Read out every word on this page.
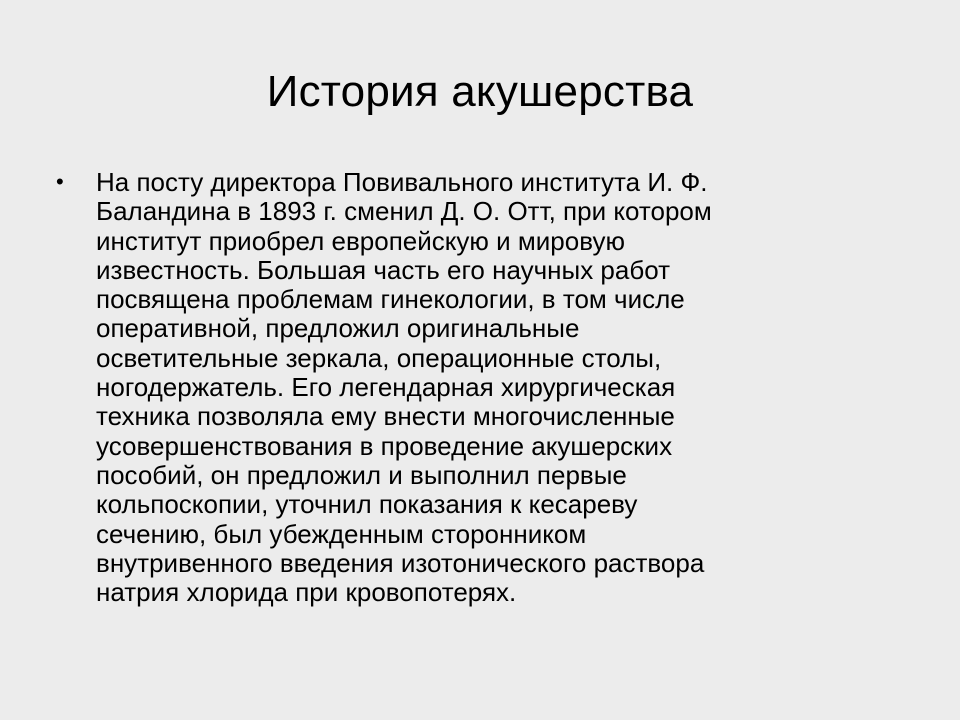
История акушерства
• На посту директора Повивального института И. Ф.
Баландина в 1893 г. сменил Д. О. Отт, при котором
институт приобрел европейскую и мировую
известность. Большая часть его научных работ
посвящена проблемам гинекологии, в том числе
оперативной, предложил оригинальные
осветительные зеркала, операционные столы,
ногодержатель. Его легендарная хирургическая
техника позволяла ему внести многочисленные
усовершенствования в проведение акушерских
пособий, он предложил и выполнил первые
кольпоскопии, уточнил показания к кесареву
сечению, был убежденным сторонником
внутривенного введения изотонического раствора
натрия хлорида при кровопотерях.
